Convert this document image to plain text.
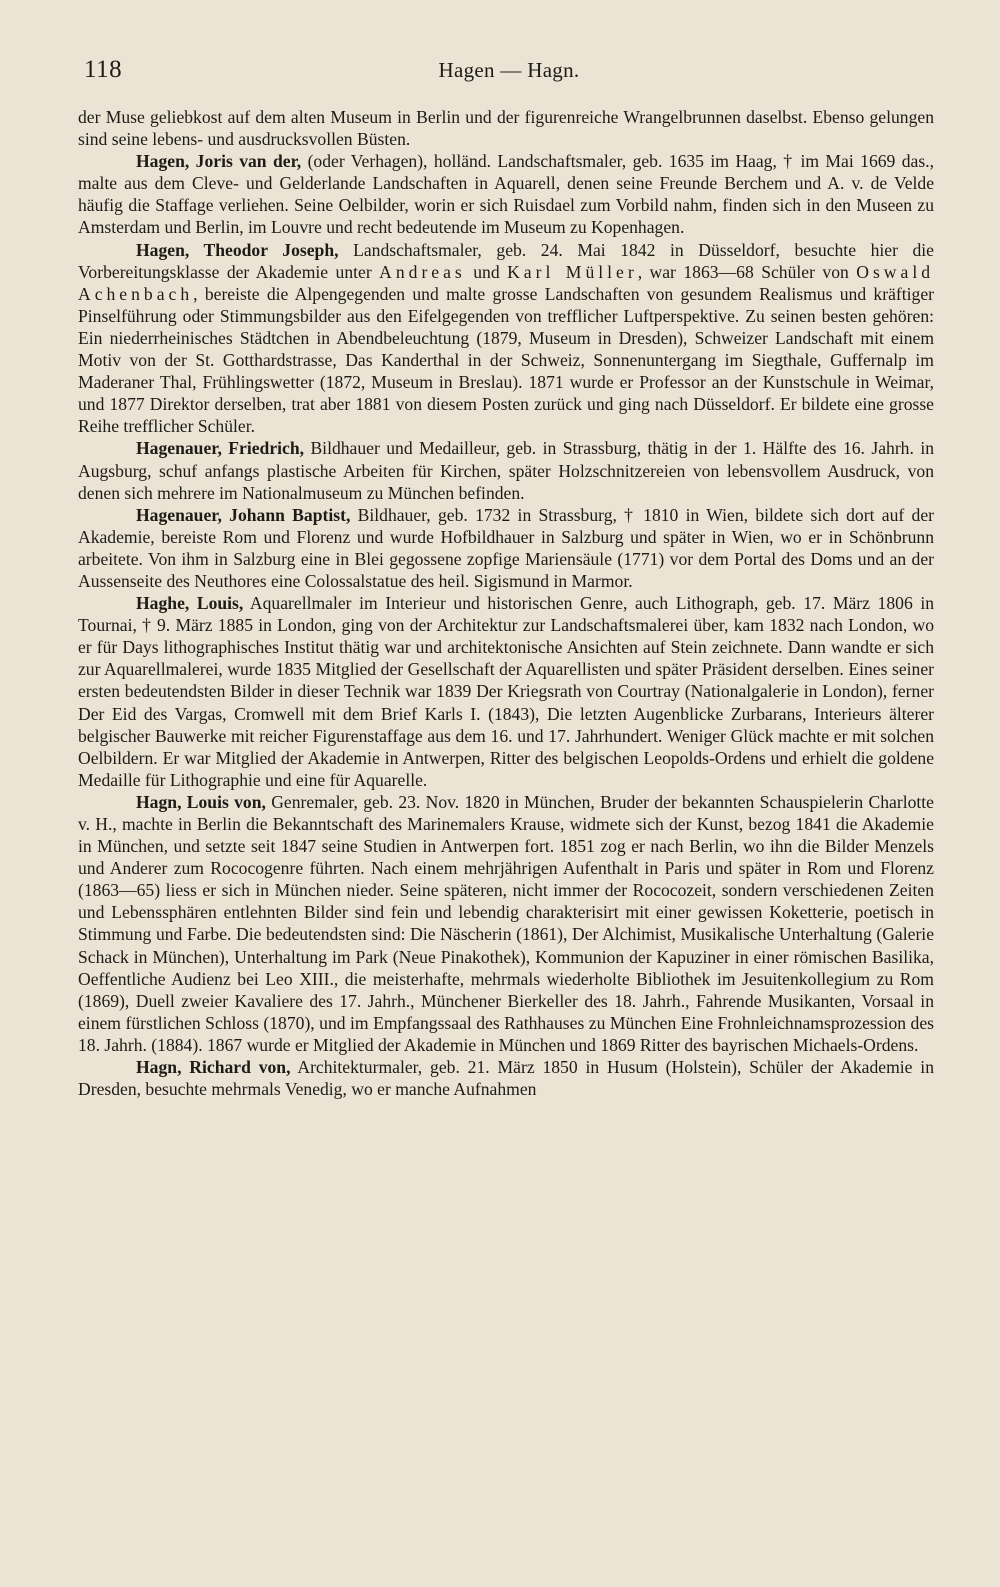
118	Hagen — Hagn.

der Muse geliebkost auf dem alten Museum in Berlin und der figurenreiche Wrangelbrunnen daselbst. Ebenso gelungen sind seine lebens- und ausdrucksvollen Büsten.

Hagen, Joris van der, (oder Verhagen), holländ. Landschaftsmaler, geb. 1635 im Haag, † im Mai 1669 das., malte aus dem Cleve- und Gelderlande Landschaften in Aquarell, denen seine Freunde Berchem und A. v. de Velde häufig die Staffage verliehen. Seine Oelbilder, worin er sich Ruisdael zum Vorbild nahm, finden sich in den Museen zu Amsterdam und Berlin, im Louvre und recht bedeutende im Museum zu Kopenhagen.

Hagen, Theodor Joseph, Landschaftsmaler, geb. 24. Mai 1842 in Düsseldorf, besuchte hier die Vorbereitungsklasse der Akademie unter Andreas und Karl Müller, war 1863—68 Schüler von Oswald Achenbach, bereiste die Alpengegenden und malte grosse Landschaften von gesundem Realismus und kräftiger Pinselführung oder Stimmungsbilder aus den Eifelgegenden von trefflicher Luftperspektive. Zu seinen besten gehören: Ein niederrheinisches Städtchen in Abendbeleuchtung (1879, Museum in Dresden), Schweizer Landschaft mit einem Motiv von der St. Gotthardstrasse, Das Kanderthal in der Schweiz, Sonnenuntergang im Siegthale, Guffernalp im Maderaner Thal, Frühlingswetter (1872, Museum in Breslau). 1871 wurde er Professor an der Kunstschule in Weimar, und 1877 Direktor derselben, trat aber 1881 von diesem Posten zurück und ging nach Düsseldorf. Er bildete eine grosse Reihe trefflicher Schüler.

Hagenauer, Friedrich, Bildhauer und Medailleur, geb. in Strassburg, thätig in der 1. Hälfte des 16. Jahrh. in Augsburg, schuf anfangs plastische Arbeiten für Kirchen, später Holzschnitzereien von lebensvollem Ausdruck, von denen sich mehrere im Nationalmuseum zu München befinden.

Hagenauer, Johann Baptist, Bildhauer, geb. 1732 in Strassburg, † 1810 in Wien, bildete sich dort auf der Akademie, bereiste Rom und Florenz und wurde Hofbildhauer in Salzburg und später in Wien, wo er in Schönbrunn arbeitete. Von ihm in Salzburg eine in Blei gegossene zopfige Mariensäule (1771) vor dem Portal des Doms und an der Aussenseite des Neuthores eine Colossalstatue des heil. Sigismund in Marmor.

Haghe, Louis, Aquarellmaler im Interieur und historischen Genre, auch Lithograph, geb. 17. März 1806 in Tournai, † 9. März 1885 in London, ging von der Architektur zur Landschaftsmalerei über, kam 1832 nach London, wo er für Days lithographisches Institut thätig war und architektonische Ansichten auf Stein zeichnete. Dann wandte er sich zur Aquarellmalerei, wurde 1835 Mitglied der Gesellschaft der Aquarellisten und später Präsident derselben. Eines seiner ersten bedeutendsten Bilder in dieser Technik war 1839 Der Kriegsrath von Courtray (Nationalgalerie in London), ferner Der Eid des Vargas, Cromwell mit dem Brief Karls I. (1843), Die letzten Augenblicke Zurbarans, Interieurs älterer belgischer Bauwerke mit reicher Figurenstaffage aus dem 16. und 17. Jahrhundert. Weniger Glück machte er mit solchen Oelbildern. Er war Mitglied der Akademie in Antwerpen, Ritter des belgischen Leopolds-Ordens und erhielt die goldene Medaille für Lithographie und eine für Aquarelle.

Hagn, Louis von, Genremaler, geb. 23. Nov. 1820 in München, Bruder der bekannten Schauspielerin Charlotte v. H., machte in Berlin die Bekanntschaft des Marinemalers Krause, widmete sich der Kunst, bezog 1841 die Akademie in München, und setzte seit 1847 seine Studien in Antwerpen fort. 1851 zog er nach Berlin, wo ihn die Bilder Menzels und Anderer zum Rococogenre führten. Nach einem mehrjährigen Aufenthalt in Paris und später in Rom und Florenz (1863—65) liess er sich in München nieder. Seine späteren, nicht immer der Rococozeit, sondern verschiedenen Zeiten und Lebenssphären entlehnten Bilder sind fein und lebendig charakterisirt mit einer gewissen Koketterie, poetisch in Stimmung und Farbe. Die bedeutendsten sind: Die Näscherin (1861), Der Alchimist, Musikalische Unterhaltung (Galerie Schack in München), Unterhaltung im Park (Neue Pinakothek), Kommunion der Kapuziner in einer römischen Basilika, Oeffentliche Audienz bei Leo XIII., die meisterhafte, mehrmals wiederholte Bibliothek im Jesuitenkollegium zu Rom (1869), Duell zweier Kavaliere des 17. Jahrh., Münchener Bierkeller des 18. Jahrh., Fahrende Musikanten, Vorsaal in einem fürstlichen Schloss (1870), und im Empfangssaal des Rathhauses zu München Eine Frohnleichnamsprozession des 18. Jahrh. (1884). 1867 wurde er Mitglied der Akademie in München und 1869 Ritter des bayrischen Michaels-Ordens.

Hagn, Richard von, Architekturmaler, geb. 21. März 1850 in Husum (Holstein), Schüler der Akademie in Dresden, besuchte mehrmals Venedig, wo er manche Aufnahmen
